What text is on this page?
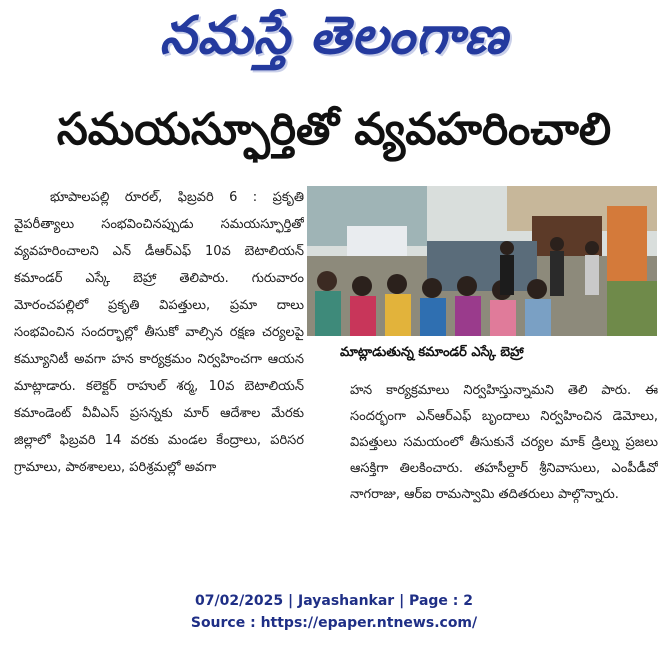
నమస్తే తెలంగాణ
సమయస్ఫూర్తితో వ్యవహరించాలి

భూపాలపల్లి రూరల్, ఫిబ్రవరి 6 : ప్రకృతి వైపరీత్యాలు సంభవించినప్పుడు సమయస్ఫూర్తితో వ్యవహరించాలని ఎన్ డీఆర్ఎఫ్ 10వ బెటాలియన్ కమాండర్ ఎస్కే బెహ్రా తెలిపారు. గురువారం మోరంచపల్లిలో ప్రకృతి విపత్తులు, ప్రమా దాలు సంభవించిన సందర్భాల్లో తీసుకో వాల్సిన రక్షణ చర్యలపై కమ్యూనిటీ అవగా హన కార్యక్రమం నిర్వహించగా ఆయన మాట్లాడారు. కలెక్టర్ రాహుల్ శర్మ, 10వ బెటాలియన్ కమాండెంట్ వీవీఎస్ ప్రసన్నకు మార్ ఆదేశాల మేరకు జిల్లాలో ఫిబ్రవరి 14 వరకు మండల కేంద్రాలు, పరిసర గ్రామాలు, పాఠశాలలు, పరిశ్రమల్లో అవగా

మాట్లాడుతున్న కమాండర్ ఎస్కే బెహ్రా

హన కార్యక్రమాలు నిర్వహిస్తున్నామని తెలి పారు. ఈ సందర్భంగా ఎన్ఆర్ఎఫ్ బృందాలు నిర్వహించిన డెమోలు, విపత్తులు సమయంలో తీసుకునే చర్యల మాక్ డ్రిల్ను ప్రజలు ఆసక్తిగా తిలకించారు. తహసీల్దార్ శ్రీనివాసులు, ఎంపీడీవో నాగరాజు, ఆర్ఐ రామస్వామి తదితరులు పాల్గొన్నారు.

07/02/2025 | Jayashankar | Page : 2
Source : https://epaper.ntnews.com/
